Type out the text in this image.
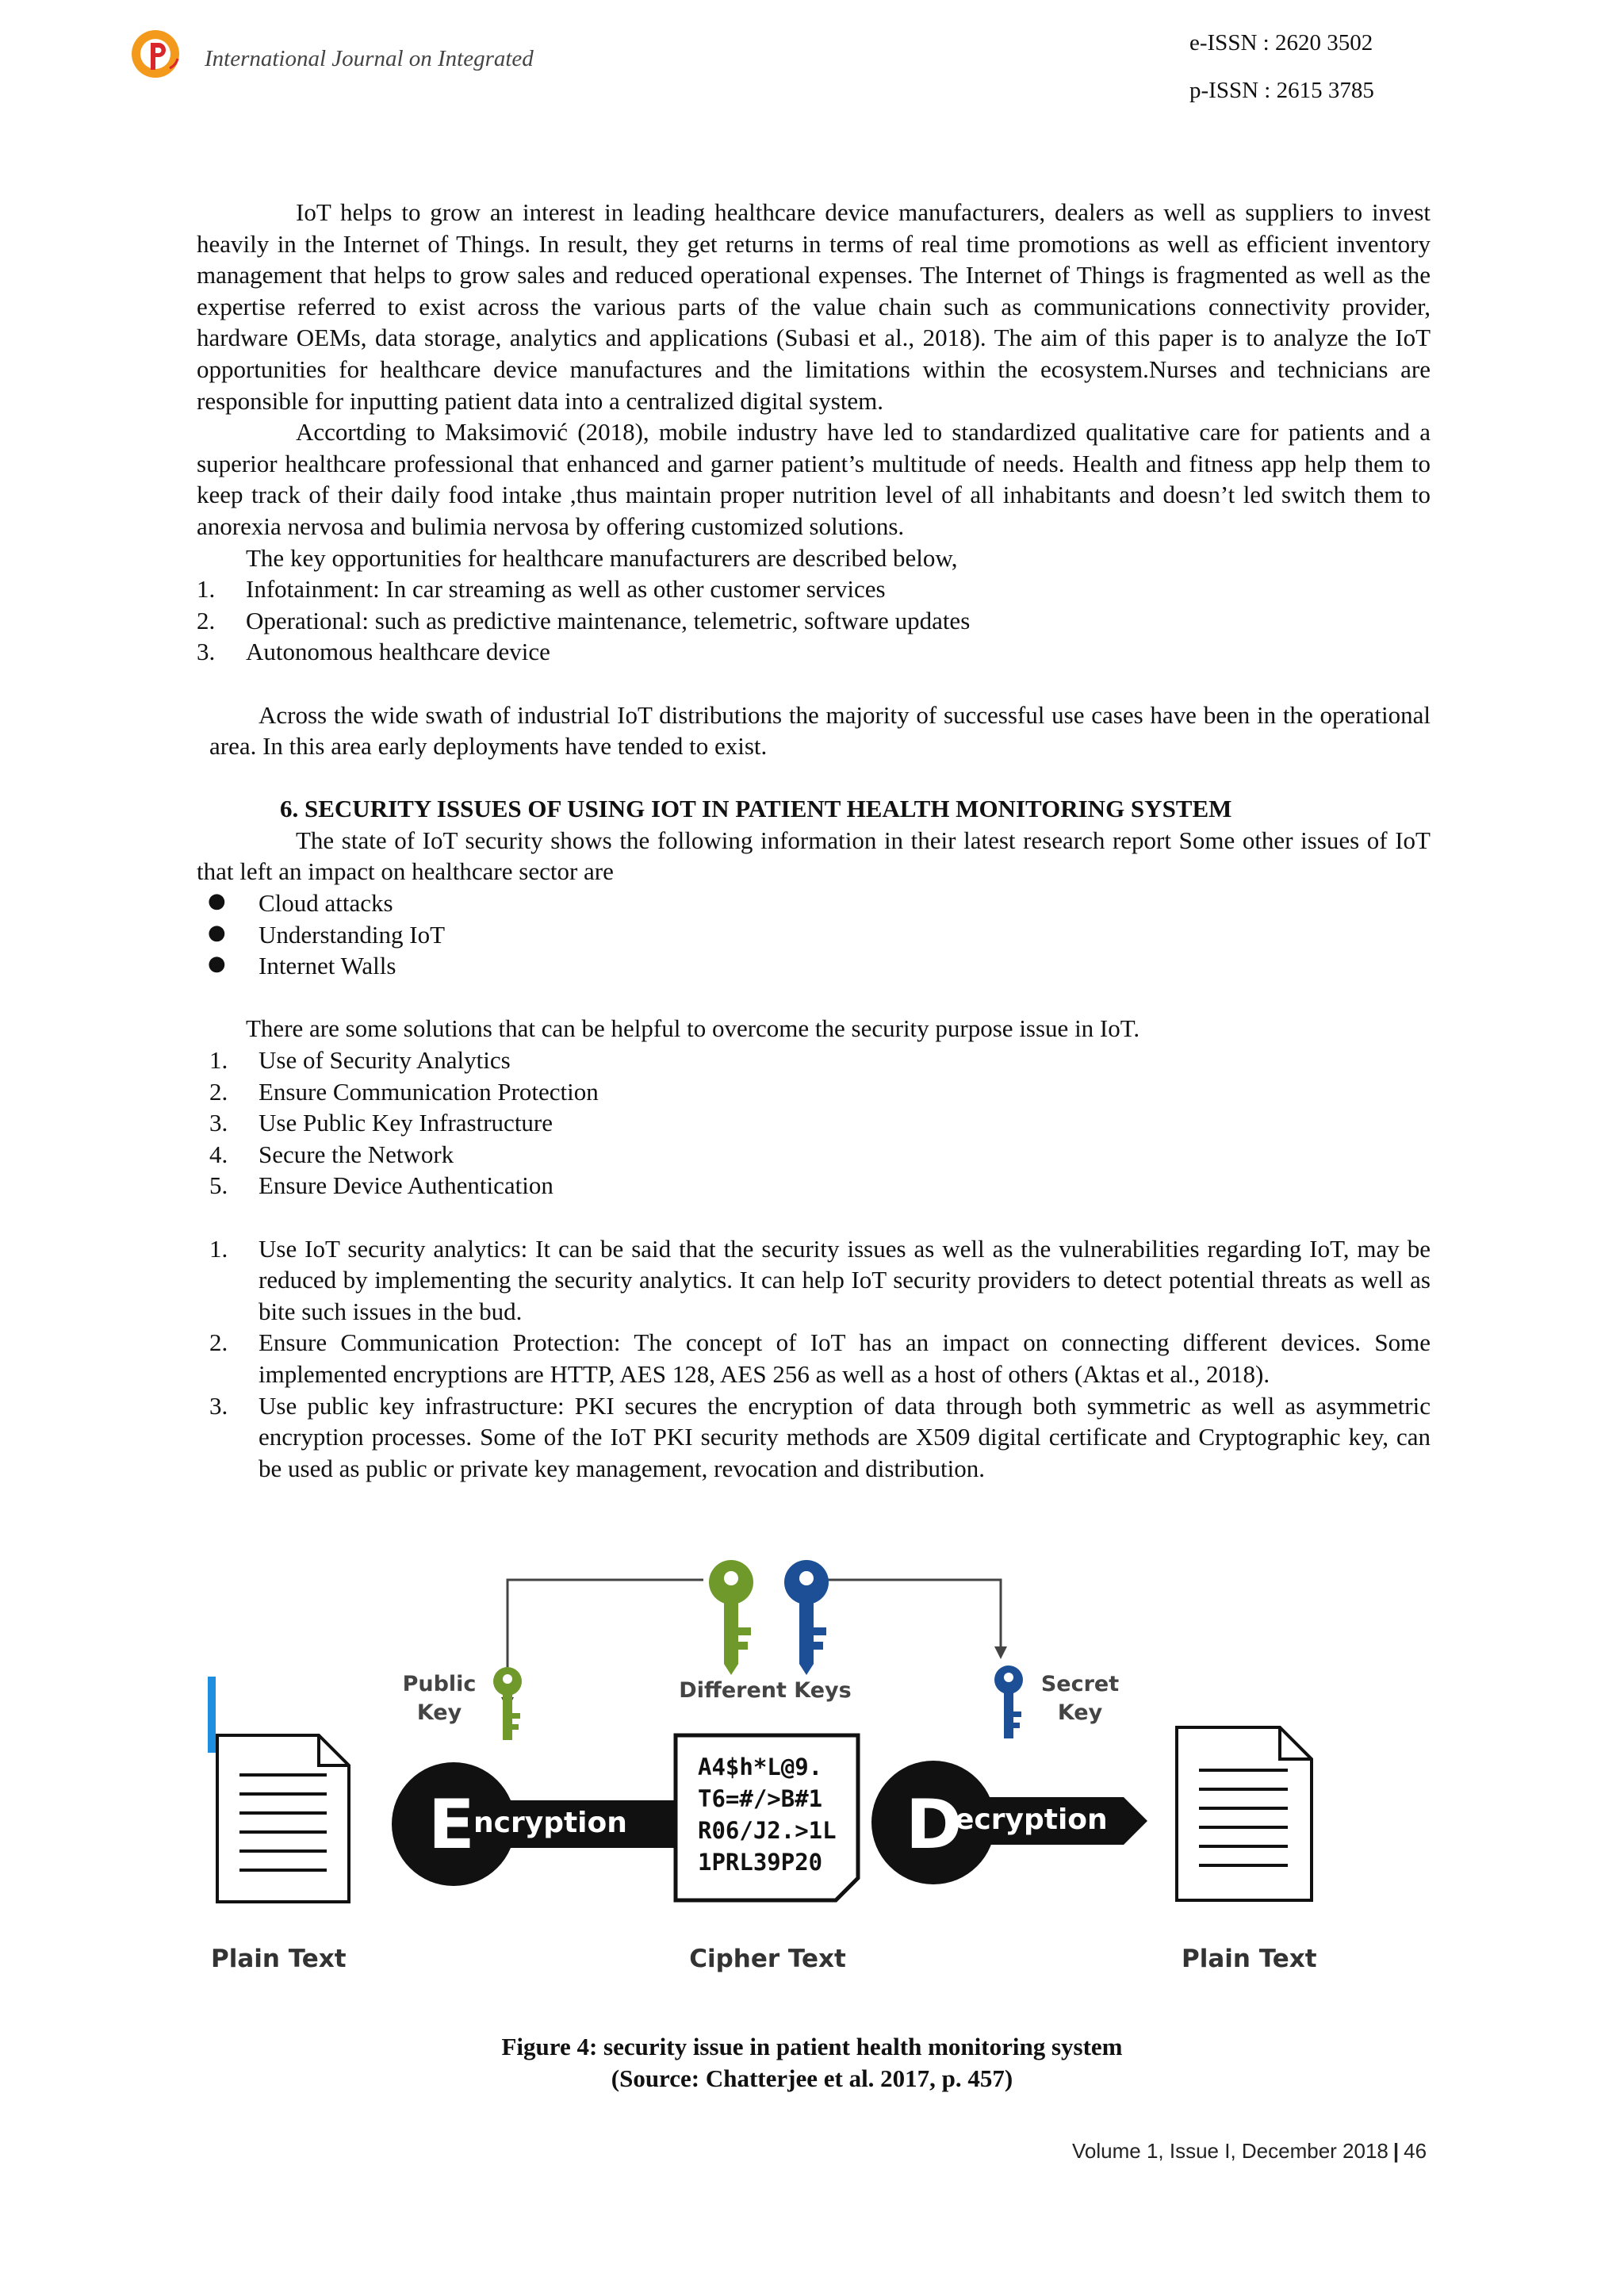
International Journal on Integrated
e-ISSN : 2620 3502
p-ISSN : 2615 3785

IoT helps to grow an interest in leading healthcare device manufacturers, dealers as well as suppliers to invest heavily in the Internet of Things. In result, they get returns in terms of real time promotions as well as efficient inventory management that helps to grow sales and reduced operational expenses. The Internet of Things is fragmented as well as the expertise referred to exist across the various parts of the value chain such as communications connectivity provider, hardware OEMs, data storage, analytics and applications (Subasi et al., 2018). The aim of this paper is to analyze the IoT opportunities for healthcare device manufactures and the limitations within the ecosystem.Nurses and technicians are responsible for inputting patient data into a centralized digital system.

Accortding to Maksimović (2018), mobile industry have led to standardized qualitative care for patients and a superior healthcare professional that enhanced and garner patient’s multitude of needs. Health and fitness app help them to keep track of their daily food intake ,thus maintain proper nutrition level of all inhabitants and doesn’t led switch them to anorexia nervosa and bulimia nervosa by offering customized solutions.

The key opportunities for healthcare manufacturers are described below,

1. Infotainment: In car streaming as well as other customer services
2. Operational: such as predictive maintenance, telemetric, software updates
3. Autonomous healthcare device

Across the wide swath of industrial IoT distributions the majority of successful use cases have been in the operational area. In this area early deployments have tended to exist.

6. SECURITY ISSUES OF USING IOT IN PATIENT HEALTH MONITORING SYSTEM

The state of IoT security shows the following information in their latest research report Some other issues of IoT that left an impact on healthcare sector are

● Cloud attacks
● Understanding IoT
● Internet Walls

There are some solutions that can be helpful to overcome the security purpose issue in IoT.

1. Use of Security Analytics
2. Ensure Communication Protection
3. Use Public Key Infrastructure
4. Secure the Network
5. Ensure Device Authentication
1. Use IoT security analytics: It can be said that the security issues as well as the vulnerabilities regarding IoT, may be reduced by implementing the security analytics. It can help IoT security providers to detect potential threats as well as bite such issues in the bud.
2. Ensure Communication Protection: The concept of IoT has an impact on connecting different devices. Some implemented encryptions are HTTP, AES 128, AES 256 as well as a host of others (Aktas et al., 2018).
3. Use public key infrastructure: PKI secures the encryption of data through both symmetric as well as asymmetric encryption processes. Some of the IoT PKI security methods are X509 digital certificate and Cryptographic key, can be used as public or private key management, revocation and distribution.
Different Keys
Public
Key
Secret
Key
E
ncryption
A4$h*L@9.
T6=#/>B#1
R06/J2.>1L
1PRL39P20 D
ecryption
Plain Text	Cipher Text	Plain Text
Figure 4: security issue in patient health monitoring system
(Source: Chatterjee et al. 2017, p. 457)
Volume 1, Issue I, December 2018 | 46
